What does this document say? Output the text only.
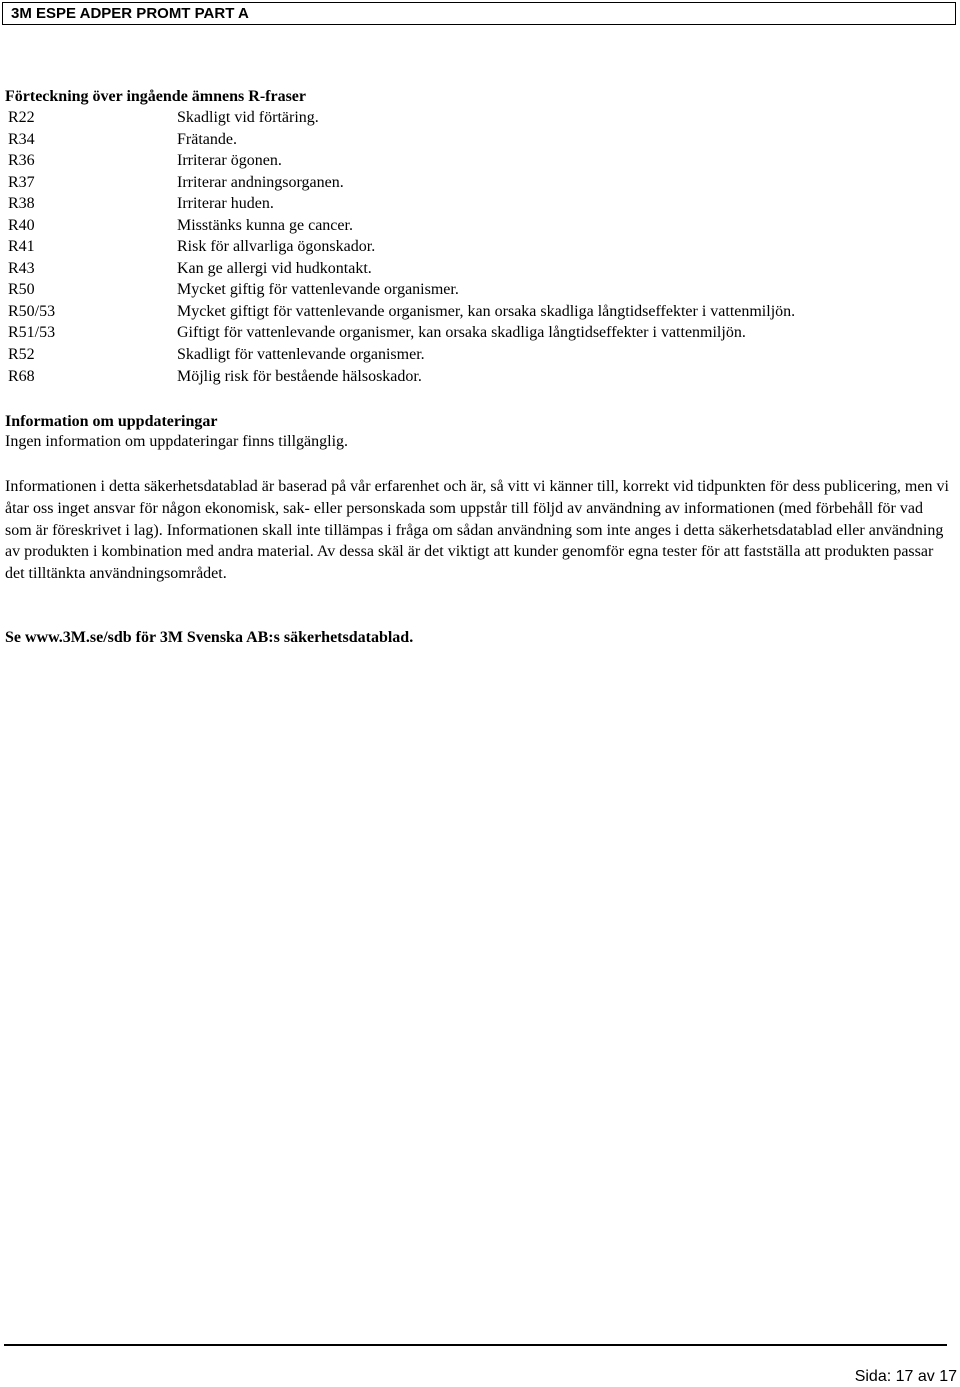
3M ESPE ADPER PROMT PART A
Förteckning över ingående ämnens R-fraser
R22	Skadligt vid förtäring.
R34	Frätande.
R36	Irriterar ögonen.
R37	Irriterar andningsorganen.
R38	Irriterar huden.
R40	Misstänks kunna ge cancer.
R41	Risk för allvarliga ögonskador.
R43	Kan ge allergi vid hudkontakt.
R50	Mycket giftig för vattenlevande organismer.
R50/53	Mycket giftigt för vattenlevande organismer, kan orsaka skadliga långtidseffekter i vattenmiljön.
R51/53	Giftigt för vattenlevande organismer, kan orsaka skadliga långtidseffekter i vattenmiljön.
R52	Skadligt för vattenlevande organismer.
R68	Möjlig risk för bestående hälsoskador.
Information om uppdateringar
Ingen information om uppdateringar finns tillgänglig.

Informationen i detta säkerhetsdatablad är baserad på vår erfarenhet och är, så vitt vi känner till, korrekt vid tidpunkten för dess publicering, men vi åtar oss inget ansvar för någon ekonomisk, sak- eller personskada som uppstår till följd av användning av informationen (med förbehåll för vad som är föreskrivet i lag). Informationen skall inte tillämpas i fråga om sådan användning som inte anges i detta säkerhetsdatablad eller användning av produkten i kombination med andra material. Av dessa skäl är det viktigt att kunder genomför egna tester för att fastställa att produkten passar det tilltänkta användningsområdet.

Se www.3M.se/sdb för 3M Svenska AB:s säkerhetsdatablad.
Sida: 17 av 17
